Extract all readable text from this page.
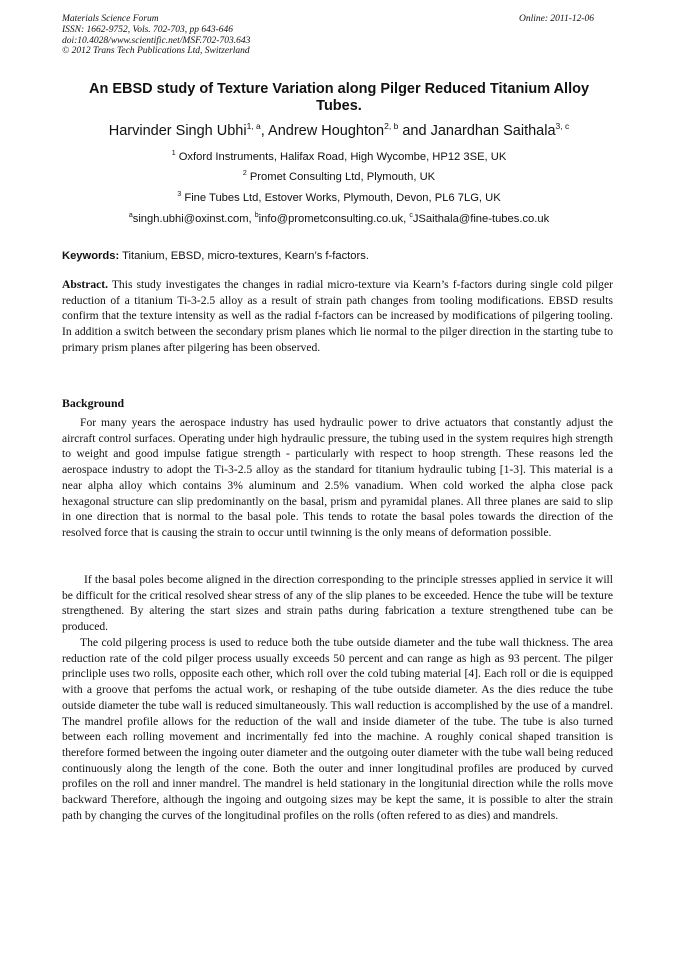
Materials Science Forum
ISSN: 1662-9752, Vols. 702-703, pp 643-646
doi:10.4028/www.scientific.net/MSF.702-703.643
© 2012 Trans Tech Publications Ltd, Switzerland
Online: 2011-12-06
An EBSD study of Texture Variation along Pilger Reduced Titanium Alloy Tubes.
Harvinder Singh Ubhi$^{1, a}$, Andrew Houghton$^{2, b}$ and Janardhan Saithala$^{3, c}$
$^1$ Oxford Instruments, Halifax Road, High Wycombe, HP12 3SE, UK
$^2$ Promet Consulting Ltd, Plymouth, UK
$^3$ Fine Tubes Ltd, Estover Works, Plymouth, Devon, PL6 7LG, UK
$^a$singh.ubhi@oxinst.com, $^b$info@prometconsulting.co.uk, $^c$JSaithala@fine-tubes.co.uk
Keywords: Titanium, EBSD, micro-textures, Kearn’s f-factors.
Abstract. This study investigates the changes in radial micro-texture via Kearn’s f-factors during single cold pilger reduction of a titanium Ti-3-2.5 alloy as a result of strain path changes from tooling modifications. EBSD results confirm that the texture intensity as well as the radial f-factors can be increased by modifications of pilgering tooling. In addition a switch between the secondary prism planes which lie normal to the pilger direction in the starting tube to primary prism planes after pilgering has been observed.
Background
For many years the aerospace industry has used hydraulic power to drive actuators that constantly adjust the aircraft control surfaces. Operating under high hydraulic pressure, the tubing used in the system requires high strength to weight and good impulse fatigue strength - particularly with respect to hoop strength. These reasons led the aerospace industry to adopt the Ti-3-2.5 alloy as the standard for titanium hydraulic tubing [1-3]. This material is a near alpha alloy which contains 3% aluminum and 2.5% vanadium. When cold worked the alpha close pack hexagonal structure can slip predominantly on the basal, prism and pyramidal planes. All three planes are said to slip in one direction that is normal to the basal pole. This tends to rotate the basal poles towards the direction of the resolved force that is causing the strain to occur until twinning is the only means of deformation possible.
If the basal poles become aligned in the direction corresponding to the principle stresses applied in service it will be difficult for the critical resolved shear stress of any of the slip planes to be exceeded. Hence the tube will be texture strengthened. By altering the start sizes and strain paths during fabrication a texture strengthened tube can be produced.
The cold pilgering process is used to reduce both the tube outside diameter and the tube wall thickness. The area reduction rate of the cold pilger process usually exceeds 50 percent and can range as high as 93 percent. The pilger princliple uses two rolls, opposite each other, which roll over the cold tubing material [4]. Each roll or die is equipped with a groove that perfoms the actual work, or reshaping of the tube outside diameter. As the dies reduce the tube outside diameter the tube wall is reduced simultaneously. This wall reduction is accomplished by the use of a mandrel. The mandrel profile allows for the reduction of the wall and inside diameter of the tube. The tube is also turned between each rolling movement and incrimentally fed into the machine. A roughly conical shaped transition is therefore formed between the ingoing outer diameter and the outgoing outer diameter with the tube wall being reduced continuously along the length of the cone. Both the outer and inner longitudinal profiles are produced by curved profiles on the roll and inner mandrel. The mandrel is held stationary in the longitunial direction while the rolls move backward Therefore, although the ingoing and outgoing sizes may be kept the same, it is possible to alter the strain path by changing the curves of the longitudinal profiles on the rolls (often refered to as dies) and mandrels.
